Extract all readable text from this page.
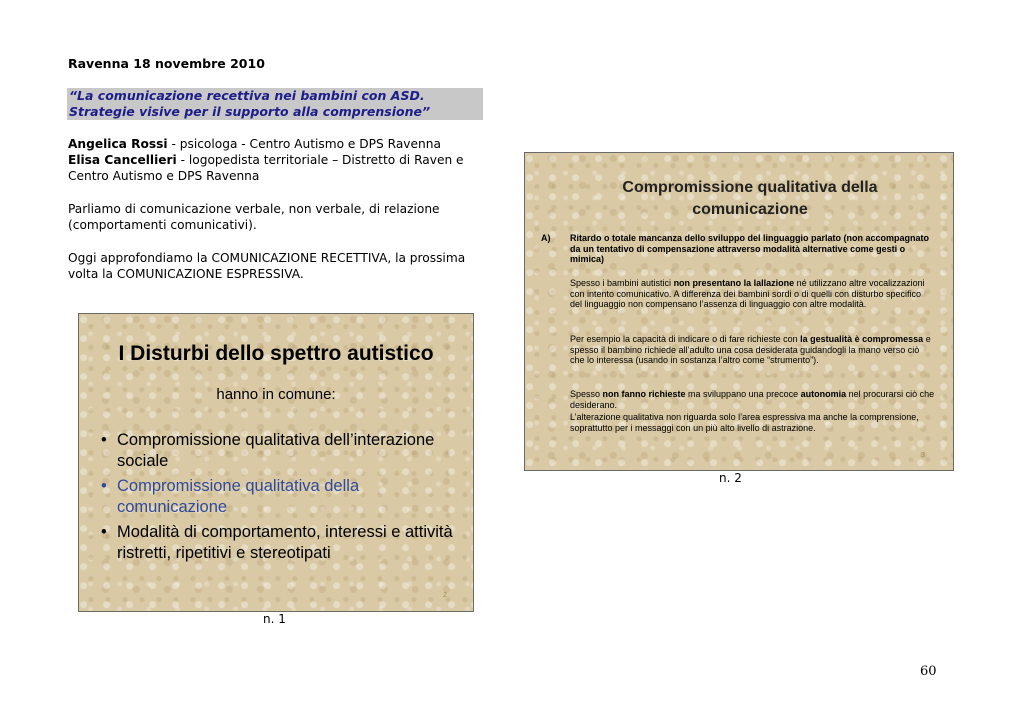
Ravenna 18 novembre 2010
“La comunicazione recettiva nei bambini con ASD.
Strategie visive per il supporto alla comprensione”
Angelica Rossi - psicologa - Centro Autismo e DPS Ravenna
Elisa Cancellieri - logopedista territoriale – Distretto di Raven e
Centro Autismo e DPS Ravenna
Parliamo di comunicazione verbale, non verbale, di relazione
(comportamenti comunicativi).
Oggi approfondiamo la COMUNICAZIONE RECETTIVA, la prossima
volta la COMUNICAZIONE ESPRESSIVA.
I Disturbi dello spettro autistico
hanno in comune:
• Compromissione qualitativa dell’interazione sociale
• Compromissione qualitativa della comunicazione
• Modalità di comportamento, interessi e attività ristretti, ripetitivi e stereotipati
2
n. 1
Compromissione qualitativa della
comunicazione
A) Ritardo o totale mancanza dello sviluppo del linguaggio parlato (non accompagnato da un tentativo di compensazione attraverso modalità alternative come gesti o mimica)
Spesso i bambini autistici non presentano la lallazione né utilizzano altre vocalizzazioni con intento comunicativo. A differenza dei bambini sordi o di quelli con disturbo specifico del linguaggio non compensano l’assenza di linguaggio con altre modalità.
Per esempio la capacità di indicare o di fare richieste con la gestualità è compromessa e spesso il bambino richiede all’adulto una cosa desiderata guidandogli la mano verso ciò che lo interessa (usando in sostanza l’altro come “strumento”).
Spesso non fanno richieste ma sviluppano una precoce autonomia nel procurarsi ciò che desiderano.
L’alterazione qualitativa non riguarda solo l’area espressiva ma anche la comprensione, soprattutto per i messaggi con un più alto livello di astrazione.
3
n. 2
60
